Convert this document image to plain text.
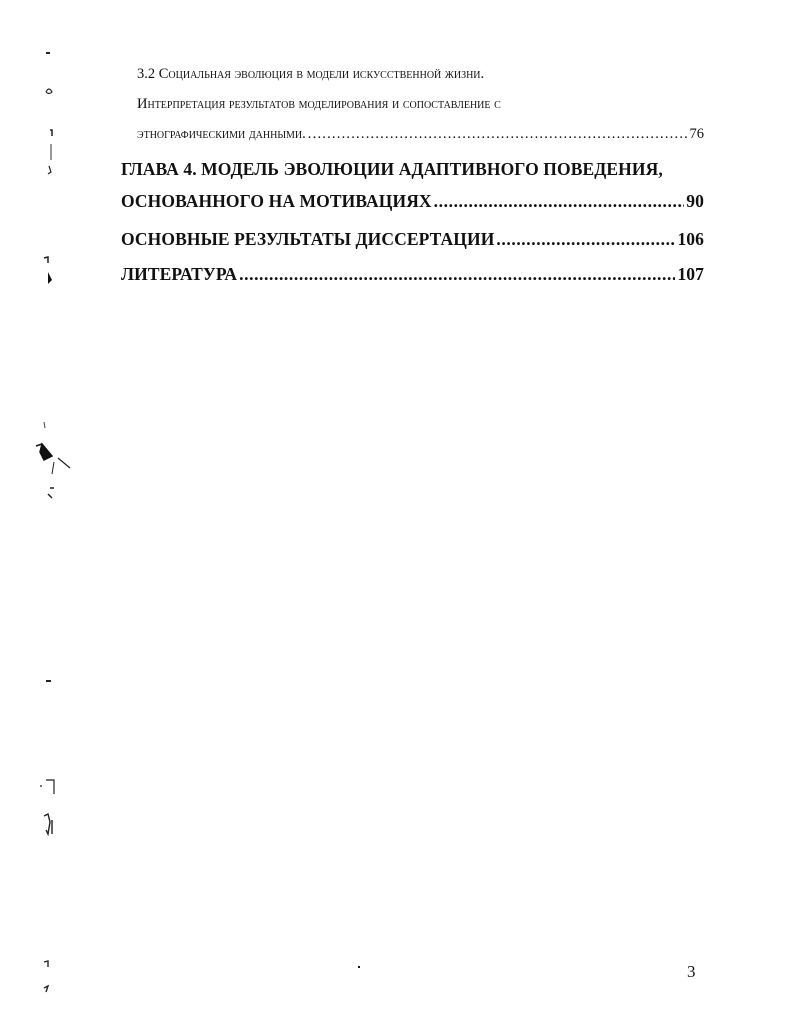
3.2 Социальная эволюция в модели искусственной жизни.
Интерпретация результатов моделирования и сопоставление с
этнографическими данными. .....	76
ГЛАВА 4. МОДЕЛЬ ЭВОЛЮЦИИ АДАПТИВНОГО ПОВЕДЕНИЯ,
ОСНОВАННОГО НА МОТИВАЦИЯХ .....	90
ОСНОВНЫЕ РЕЗУЛЬТАТЫ ДИССЕРТАЦИИ .....	106
ЛИТЕРАТУРА .....	107
3
